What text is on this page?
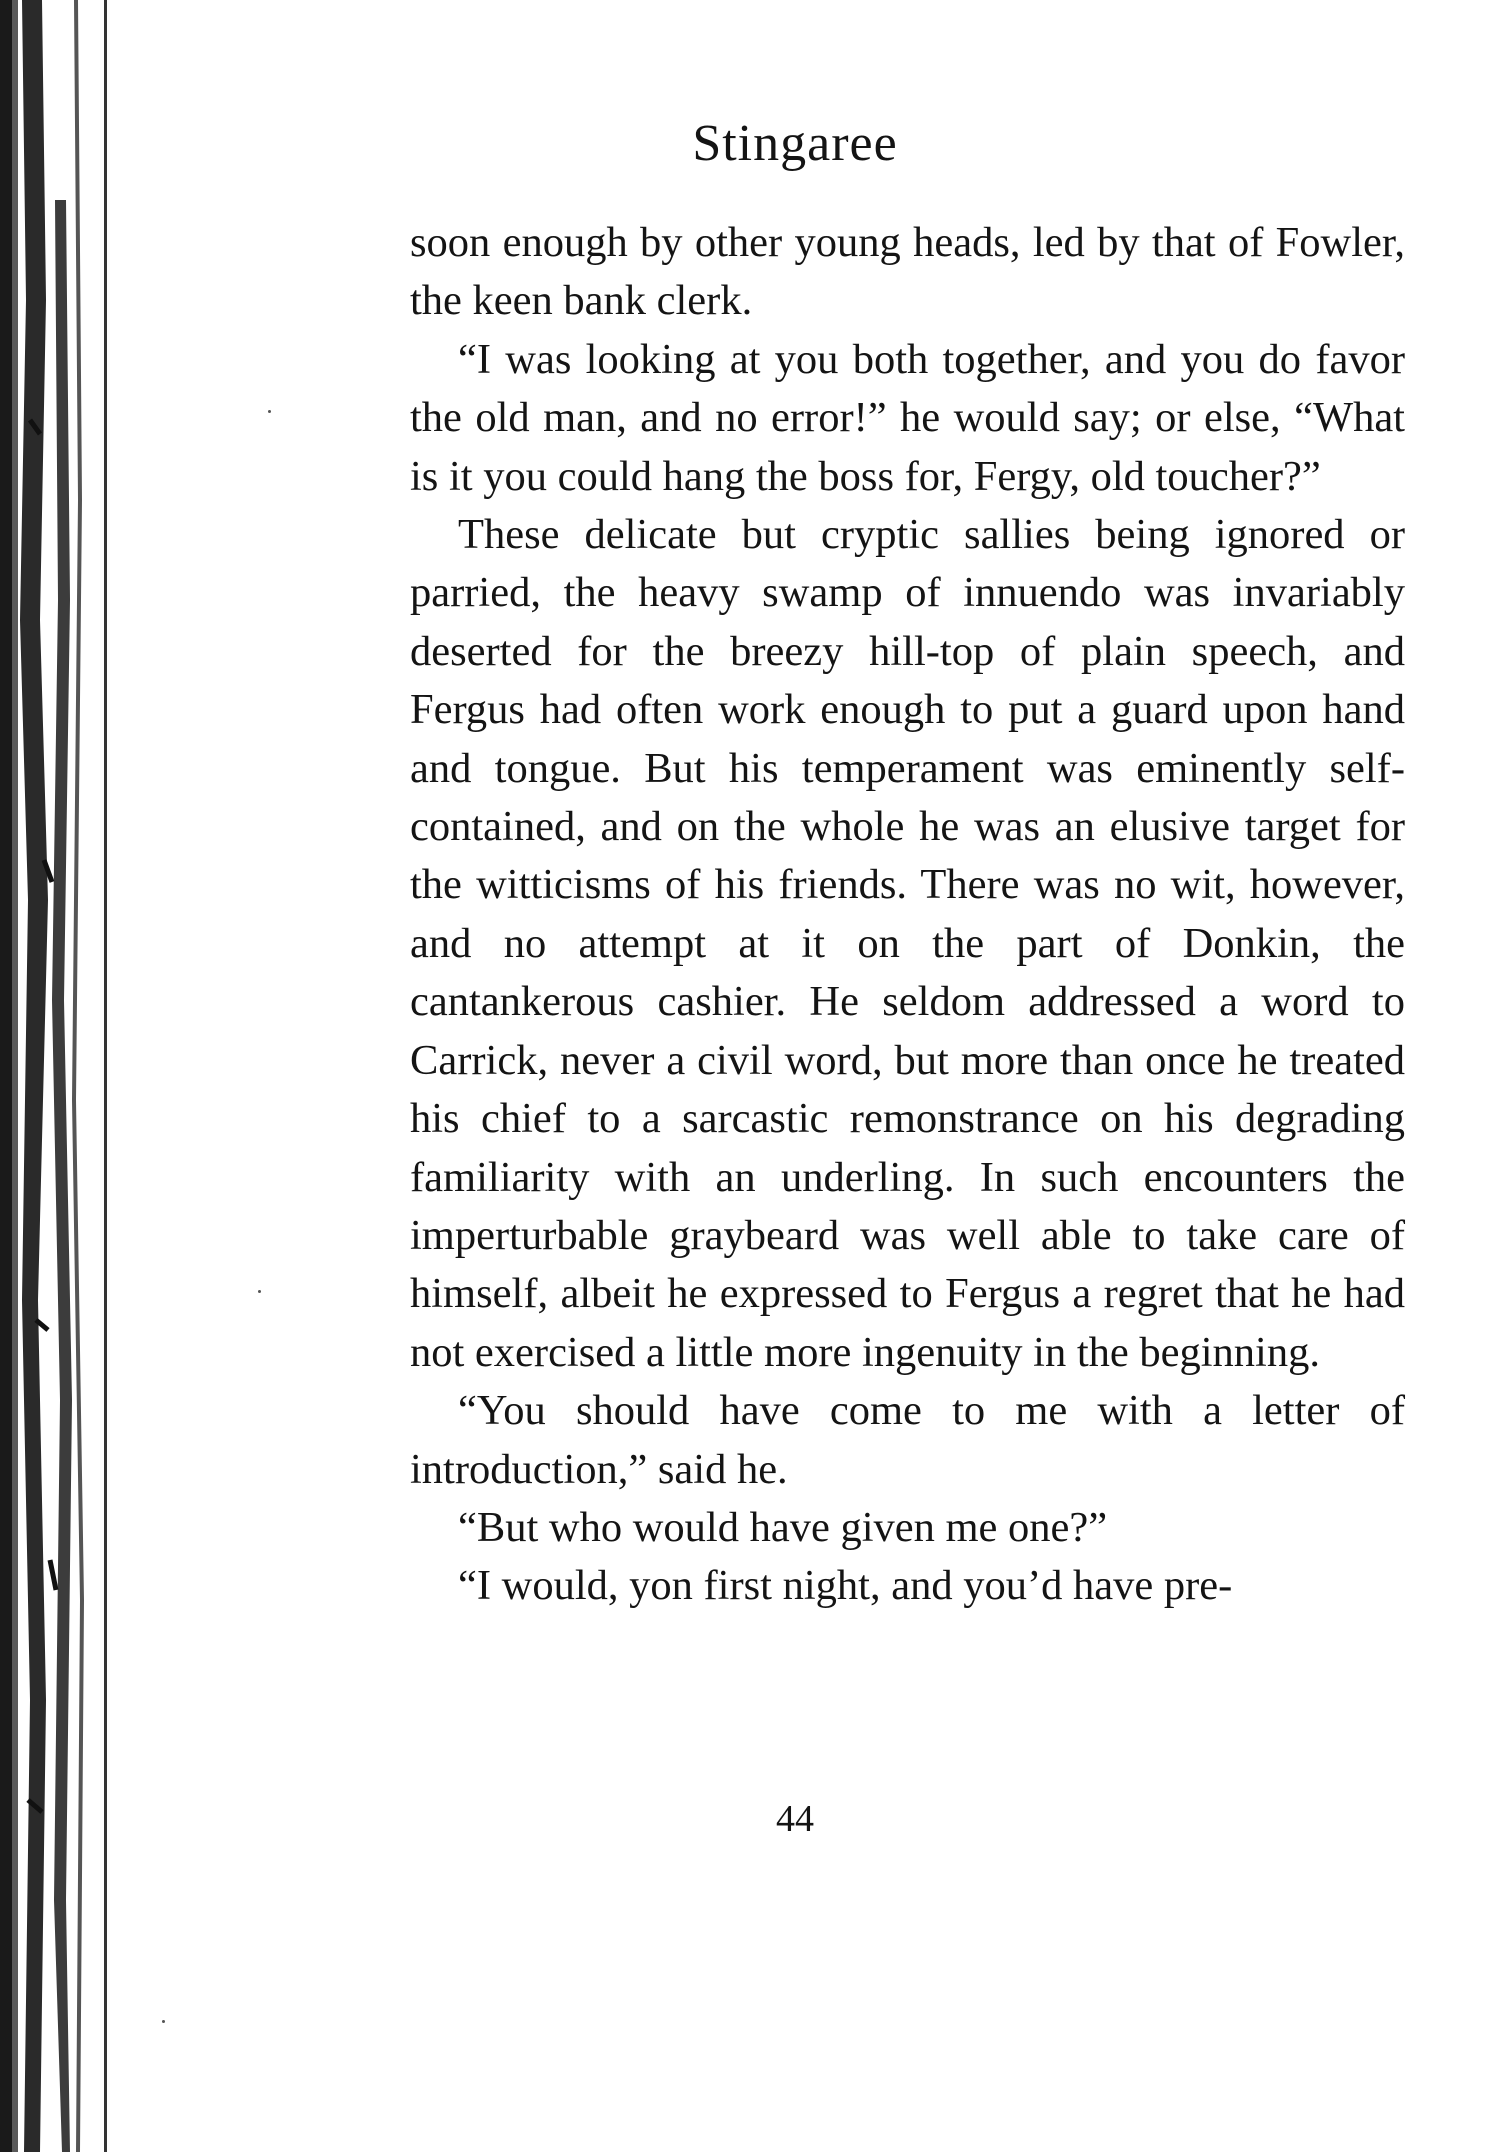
Stingaree

soon enough by other young heads, led by that of Fowler, the keen bank clerk.

“I was looking at you both together, and you do favor the old man, and no error!” he would say; or else, “What is it you could hang the boss for, Fergy, old toucher?”

These delicate but cryptic sallies being ignored or parried, the heavy swamp of innuendo was invariably deserted for the breezy hill-top of plain speech, and Fergus had often work enough to put a guard upon hand and tongue. But his temperament was eminently self-contained, and on the whole he was an elusive target for the witticisms of his friends. There was no wit, however, and no attempt at it on the part of Donkin, the cantankerous cashier. He seldom addressed a word to Carrick, never a civil word, but more than once he treated his chief to a sarcastic remonstrance on his degrading familiarity with an underling. In such encounters the imperturbable graybeard was well able to take care of himself, albeit he expressed to Fergus a regret that he had not exercised a little more ingenuity in the beginning.

“You should have come to me with a letter of introduction,” said he.

“But who would have given me one?”

“I would, yon first night, and you’d have pre-

44
